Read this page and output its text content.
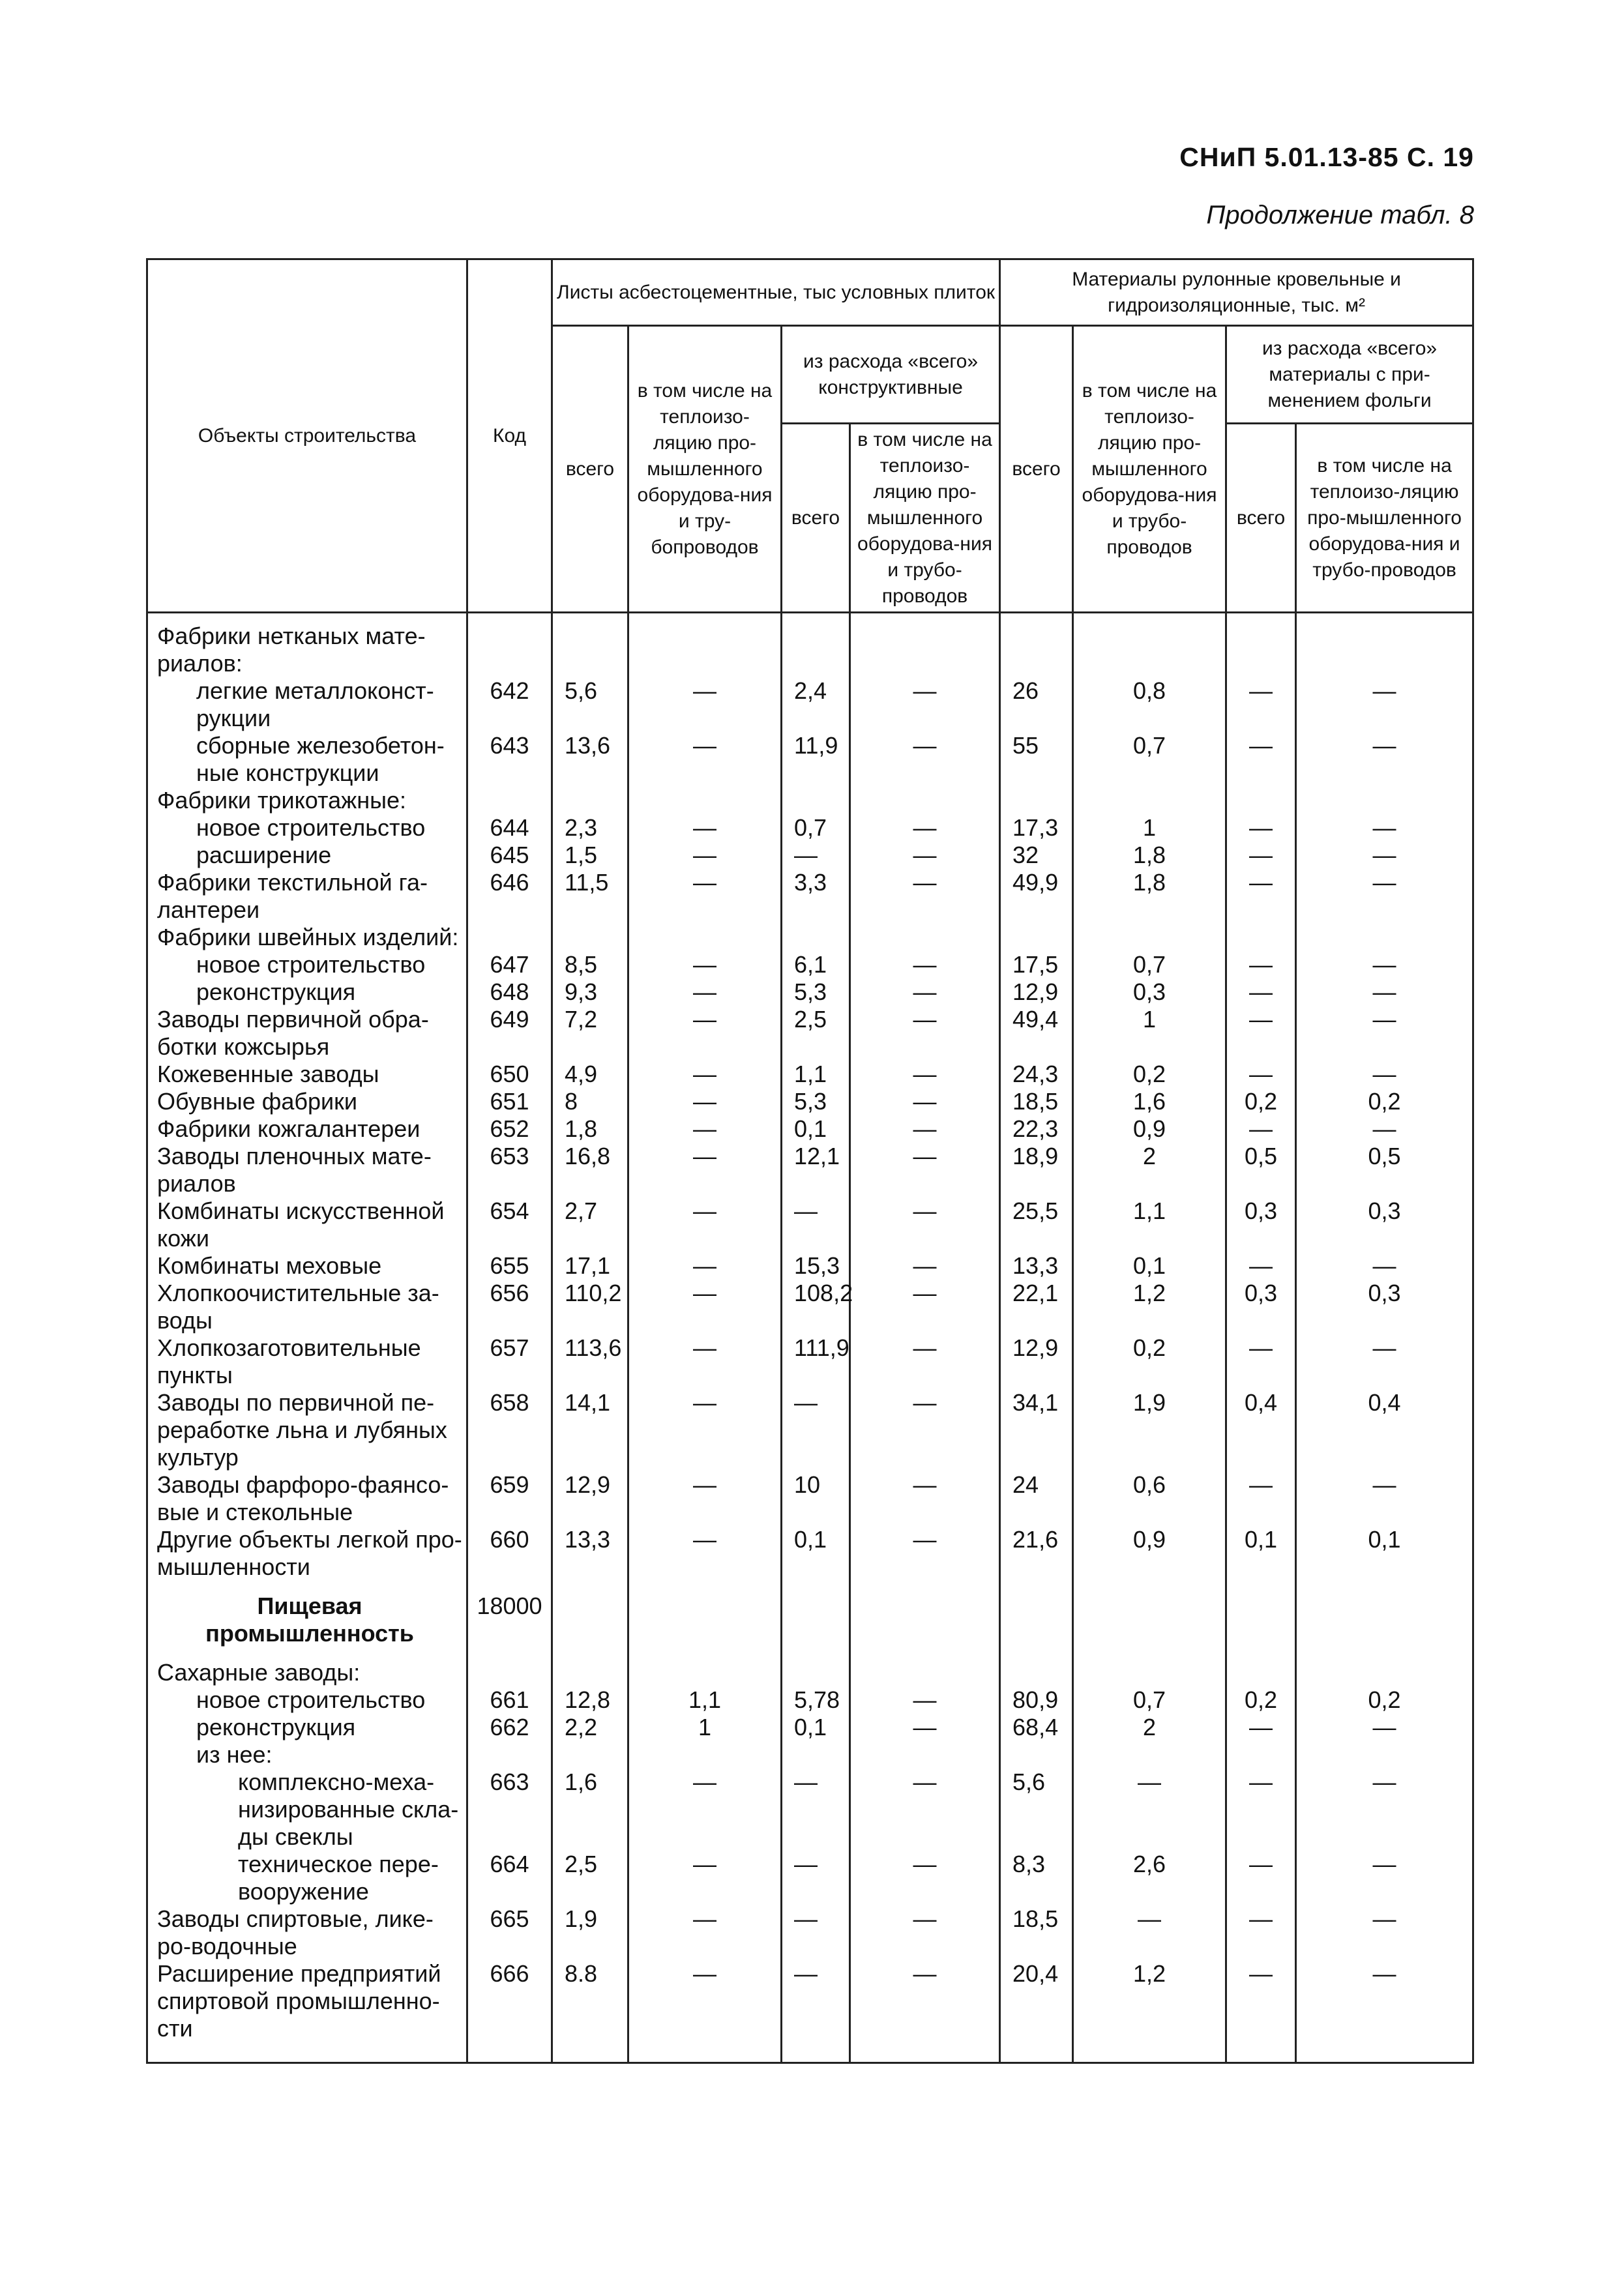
СНиП 5.01.13-85 С. 19
Продолжение табл. 8
Объекты строительства	Код	Листы асбестоцементные, тыс условных плиток				Материалы рулонные кровельные и гидроизоляционные, тыс. м²			
		всего	в том числе на теплоизо-ляцию про-мышленного оборудова-ния и тру-бопроводов	из расхода «всего» конструктивные		всего	в том числе на теплоизо-ляцию про-мышленного оборудова-ния и трубо-проводов	из расхода «всего» материалы с при-менением фольги	
				всего	в том числе на теплоизо-ляцию про-мышленного оборудова-ния и трубо-проводов			всего	в том числе на теплоизо-ляцию про-мышленного оборудова-ния и трубо-проводов
Фабрики нетканых мате-риалов:									
легкие металлоконст-рукции	642	5,6	—	2,4	—	26	0,8	—	—
сборные железобетон-ные конструкции	643	13,6	—	11,9	—	55	0,7	—	—
Фабрики трикотажные:									
новое строительство	644	2,3	—	0,7	—	17,3	1	—	—
расширение	645	1,5	—	—	—	32	1,8	—	—
Фабрики текстильной га-лантереи	646	11,5	—	3,3	—	49,9	1,8	—	—
Фабрики швейных изделий:									
новое строительство	647	8,5	—	6,1	—	17,5	0,7	—	—
реконструкция	648	9,3	—	5,3	—	12,9	0,3	—	—
Заводы первичной обра-ботки кожсырья	649	7,2	—	2,5	—	49,4	1	—	—
Кожевенные заводы	650	4,9	—	1,1	—	24,3	0,2	—	—
Обувные фабрики	651	8	—	5,3	—	18,5	1,6	0,2	0,2
Фабрики кожгалантереи	652	1,8	—	0,1	—	22,3	0,9	—	—
Заводы пленочных мате-риалов	653	16,8	—	12,1	—	18,9	2	0,5	0,5
Комбинаты искусственной кожи	654	2,7	—	—	—	25,5	1,1	0,3	0,3
Комбинаты меховые	655	17,1	—	15,3	—	13,3	0,1	—	—
Хлопкоочистительные за-воды	656	110,2	—	108,2	—	22,1	1,2	0,3	0,3
Хлопкозаготовительные пункты	657	113,6	—	111,9	—	12,9	0,2	—	—
Заводы по первичной пе-реработке льна и лубяных культур	658	14,1	—	—	—	34,1	1,9	0,4	0,4
Заводы фарфоро-фаянсо-вые и стекольные	659	12,9	—	10	—	24	0,6	—	—
Другие объекты легкой про-мышленности	660	13,3	—	0,1	—	21,6	0,9	0,1	0,1

Пищевая промышленность	18000								
Сахарные заводы:									
новое строительство	661	12,8	1,1	5,78	—	80,9	0,7	0,2	0,2
реконструкция	662	2,2	1	0,1	—	68,4	2	—	—
из нее:									
комплексно-меха-низированные скла-ды свеклы	663	1,6	—	—	—	5,6	—	—	—
техническое пере-вооружение	664	2,5	—	—	—	8,3	2,6	—	—
Заводы спиртовые, лике-ро-водочные	665	1,9	—	—	—	18,5	—	—	—
Расширение предприятий спиртовой промышленно-сти	666	8.8	—	—	—	20,4	1,2	—	—
